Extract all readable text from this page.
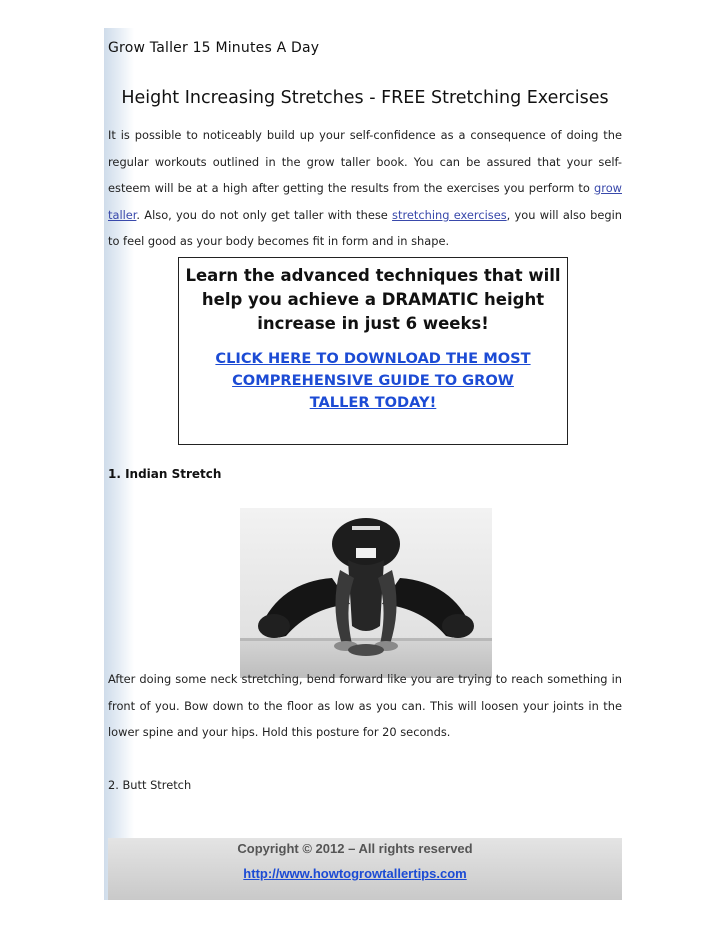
Grow Taller 15 Minutes A Day
Height Increasing Stretches - FREE Stretching Exercises

It is possible to noticeably build up your self-confidence as a consequence of doing the regular workouts outlined in the grow taller book. You can be assured that your self-esteem will be at a high after getting the results from the exercises you perform to grow taller. Also, you do not only get taller with these stretching exercises, you will also begin to feel good as your body becomes fit in form and in shape.

Learn the advanced techniques that will help you achieve a DRAMATIC height increase in just 6 weeks!

CLICK HERE TO DOWNLOAD THE MOST COMPREHENSIVE GUIDE TO GROW TALLER TODAY!
1. Indian Stretch

After doing some neck stretching, bend forward like you are trying to reach something in front of you. Bow down to the floor as low as you can. This will loosen your joints in the lower spine and your hips. Hold this posture for 20 seconds.

2. Butt Stretch

Copyright © 2012 – All rights reserved
http://www.howtogrowtallertips.com
